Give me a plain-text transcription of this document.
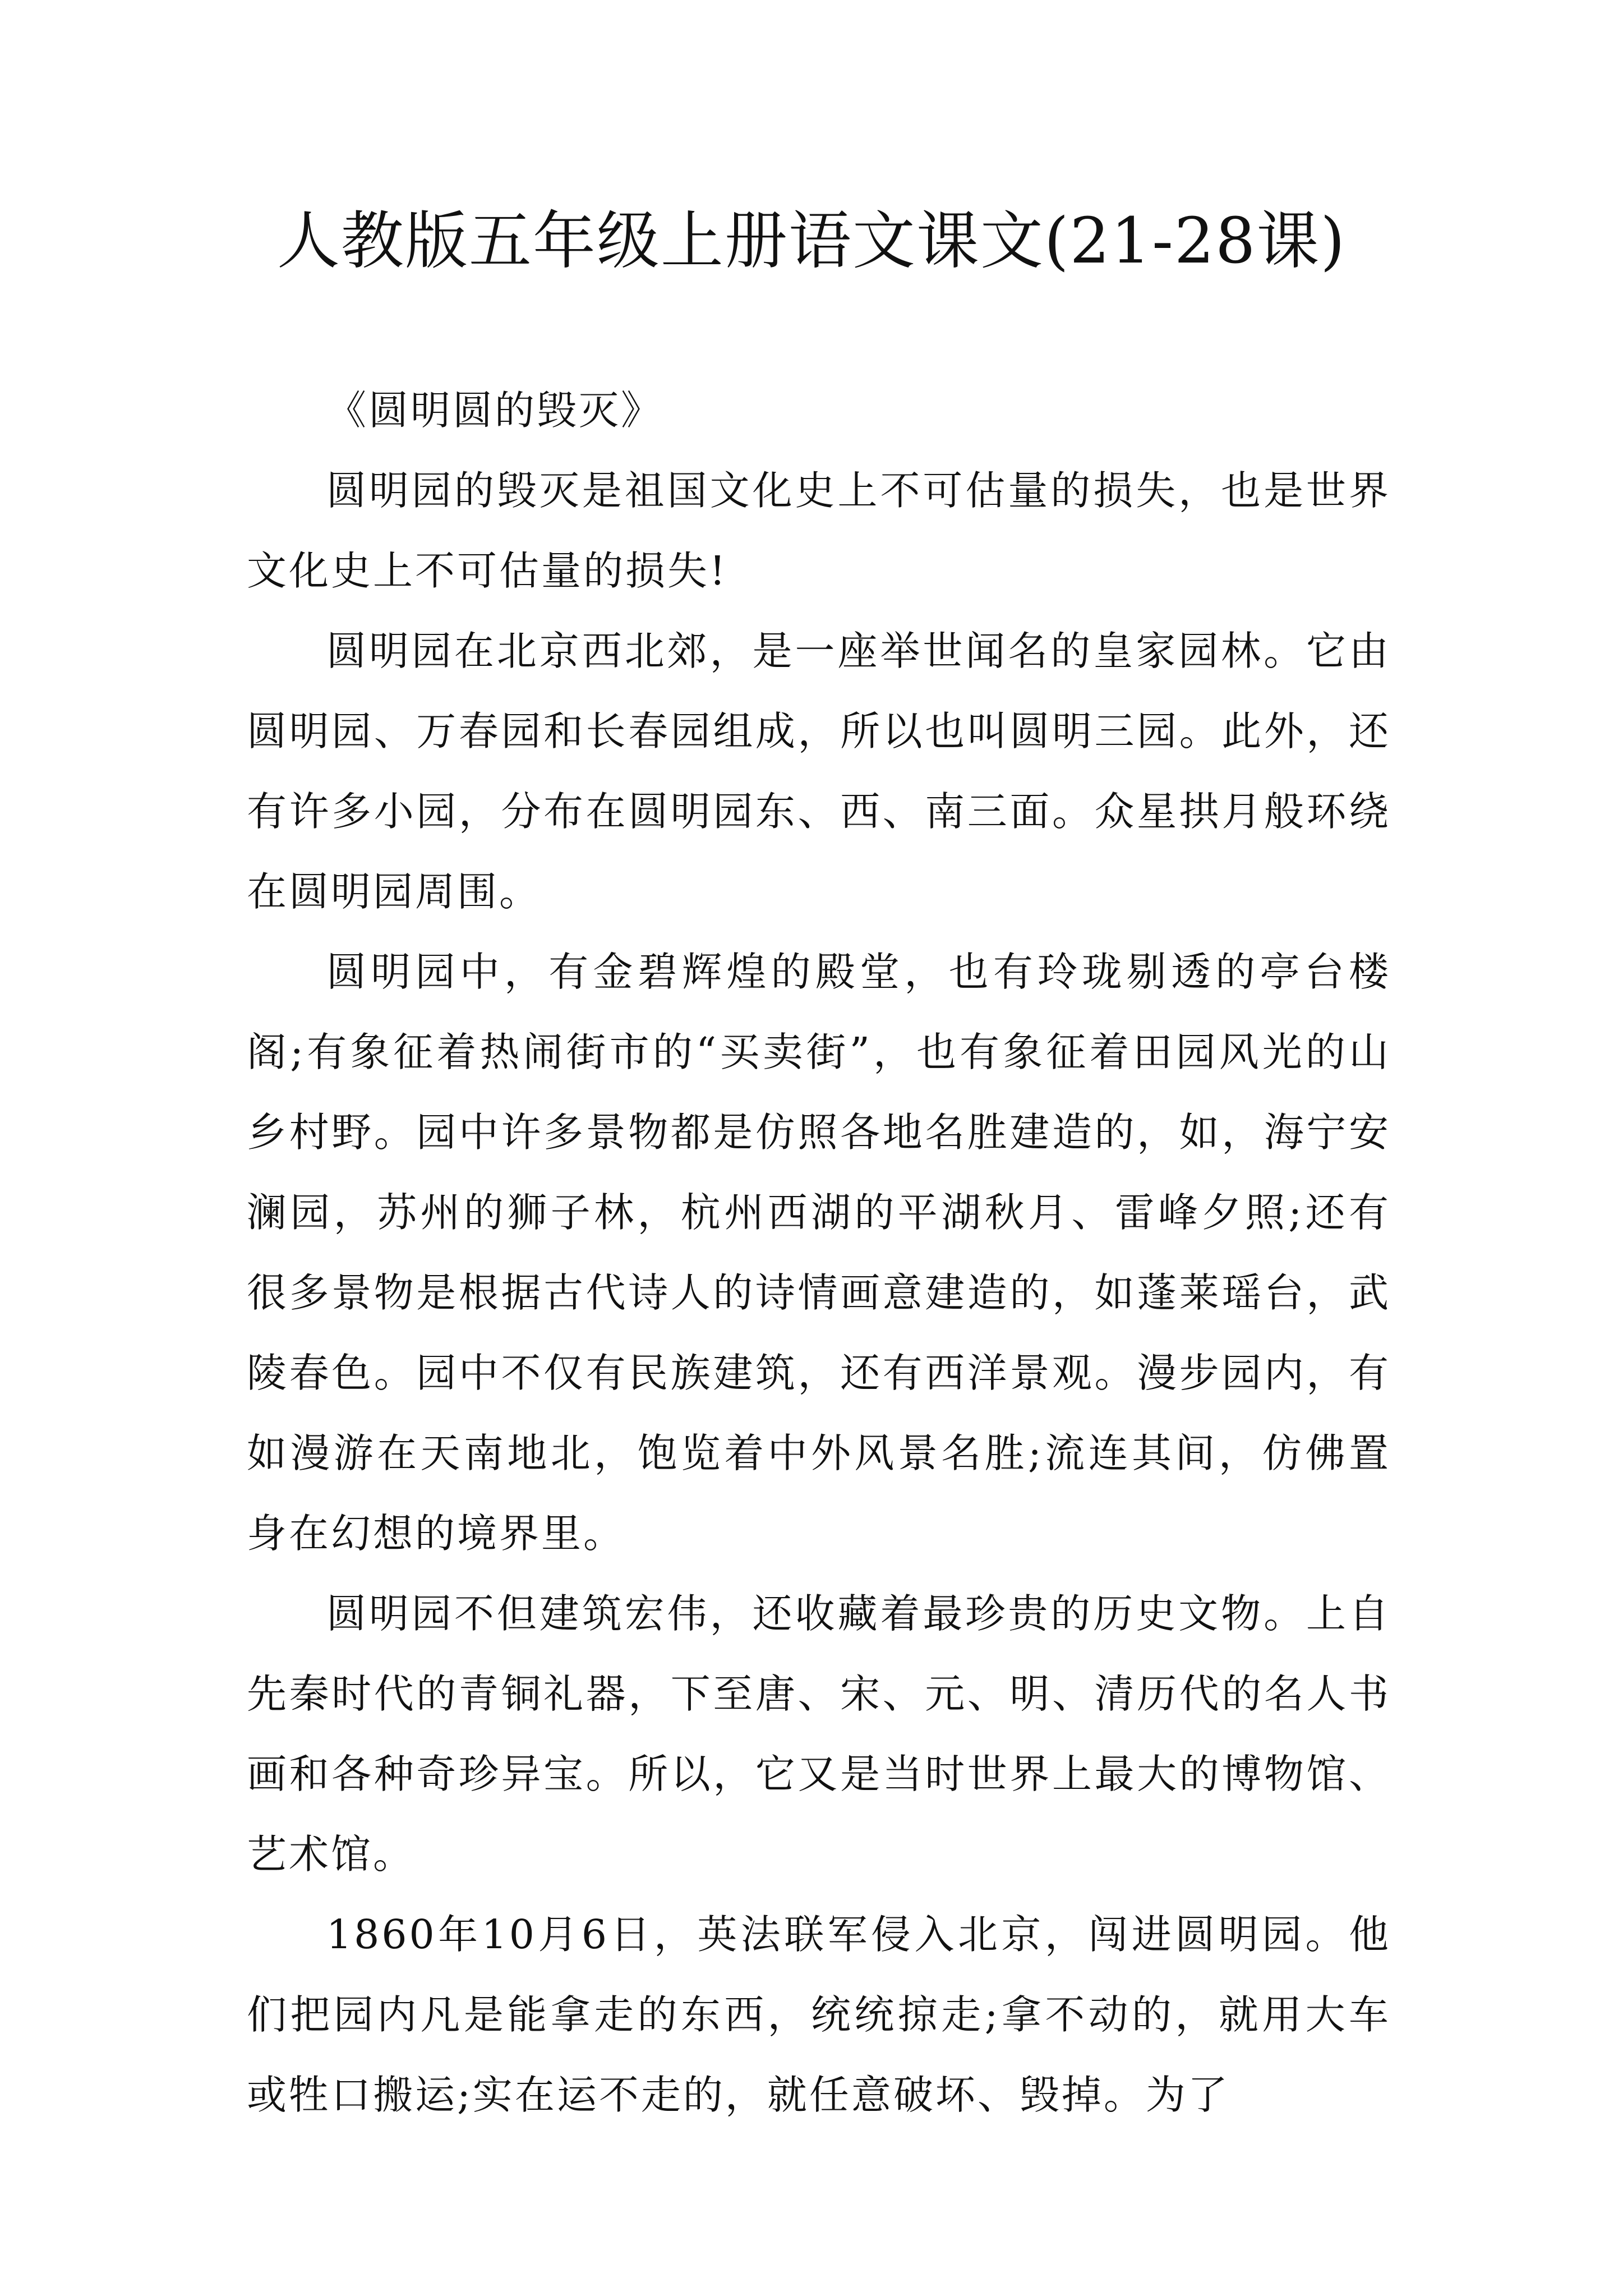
人教版五年级上册语文课文(21-28课)

《圆明圆的毁灭》

圆明园的毁灭是祖国文化史上不可估量的损失，也是世界文化史上不可估量的损失!

圆明园在北京西北郊，是一座举世闻名的皇家园林。它由圆明园、万春园和长春园组成，所以也叫圆明三园。此外，还有许多小园，分布在圆明园东、西、南三面。众星拱月般环绕在圆明园周围。

圆明园中，有金碧辉煌的殿堂，也有玲珑剔透的亭台楼阁;有象征着热闹街市的“买卖街”，也有象征着田园风光的山乡村野。园中许多景物都是仿照各地名胜建造的，如，海宁安澜园，苏州的狮子林，杭州西湖的平湖秋月、雷峰夕照;还有很多景物是根据古代诗人的诗情画意建造的，如蓬莱瑶台，武陵春色。园中不仅有民族建筑，还有西洋景观。漫步园内，有如漫游在天南地北，饱览着中外风景名胜;流连其间，仿佛置身在幻想的境界里。

圆明园不但建筑宏伟，还收藏着最珍贵的历史文物。上自先秦时代的青铜礼器，下至唐、宋、元、明、清历代的名人书画和各种奇珍异宝。所以，它又是当时世界上最大的博物馆、艺术馆。

1860年10月6日，英法联军侵入北京，闯进圆明园。他们把园内凡是能拿走的东西，统统掠走;拿不动的，就用大车或牲口搬运;实在运不走的，就任意破坏、毁掉。为了
